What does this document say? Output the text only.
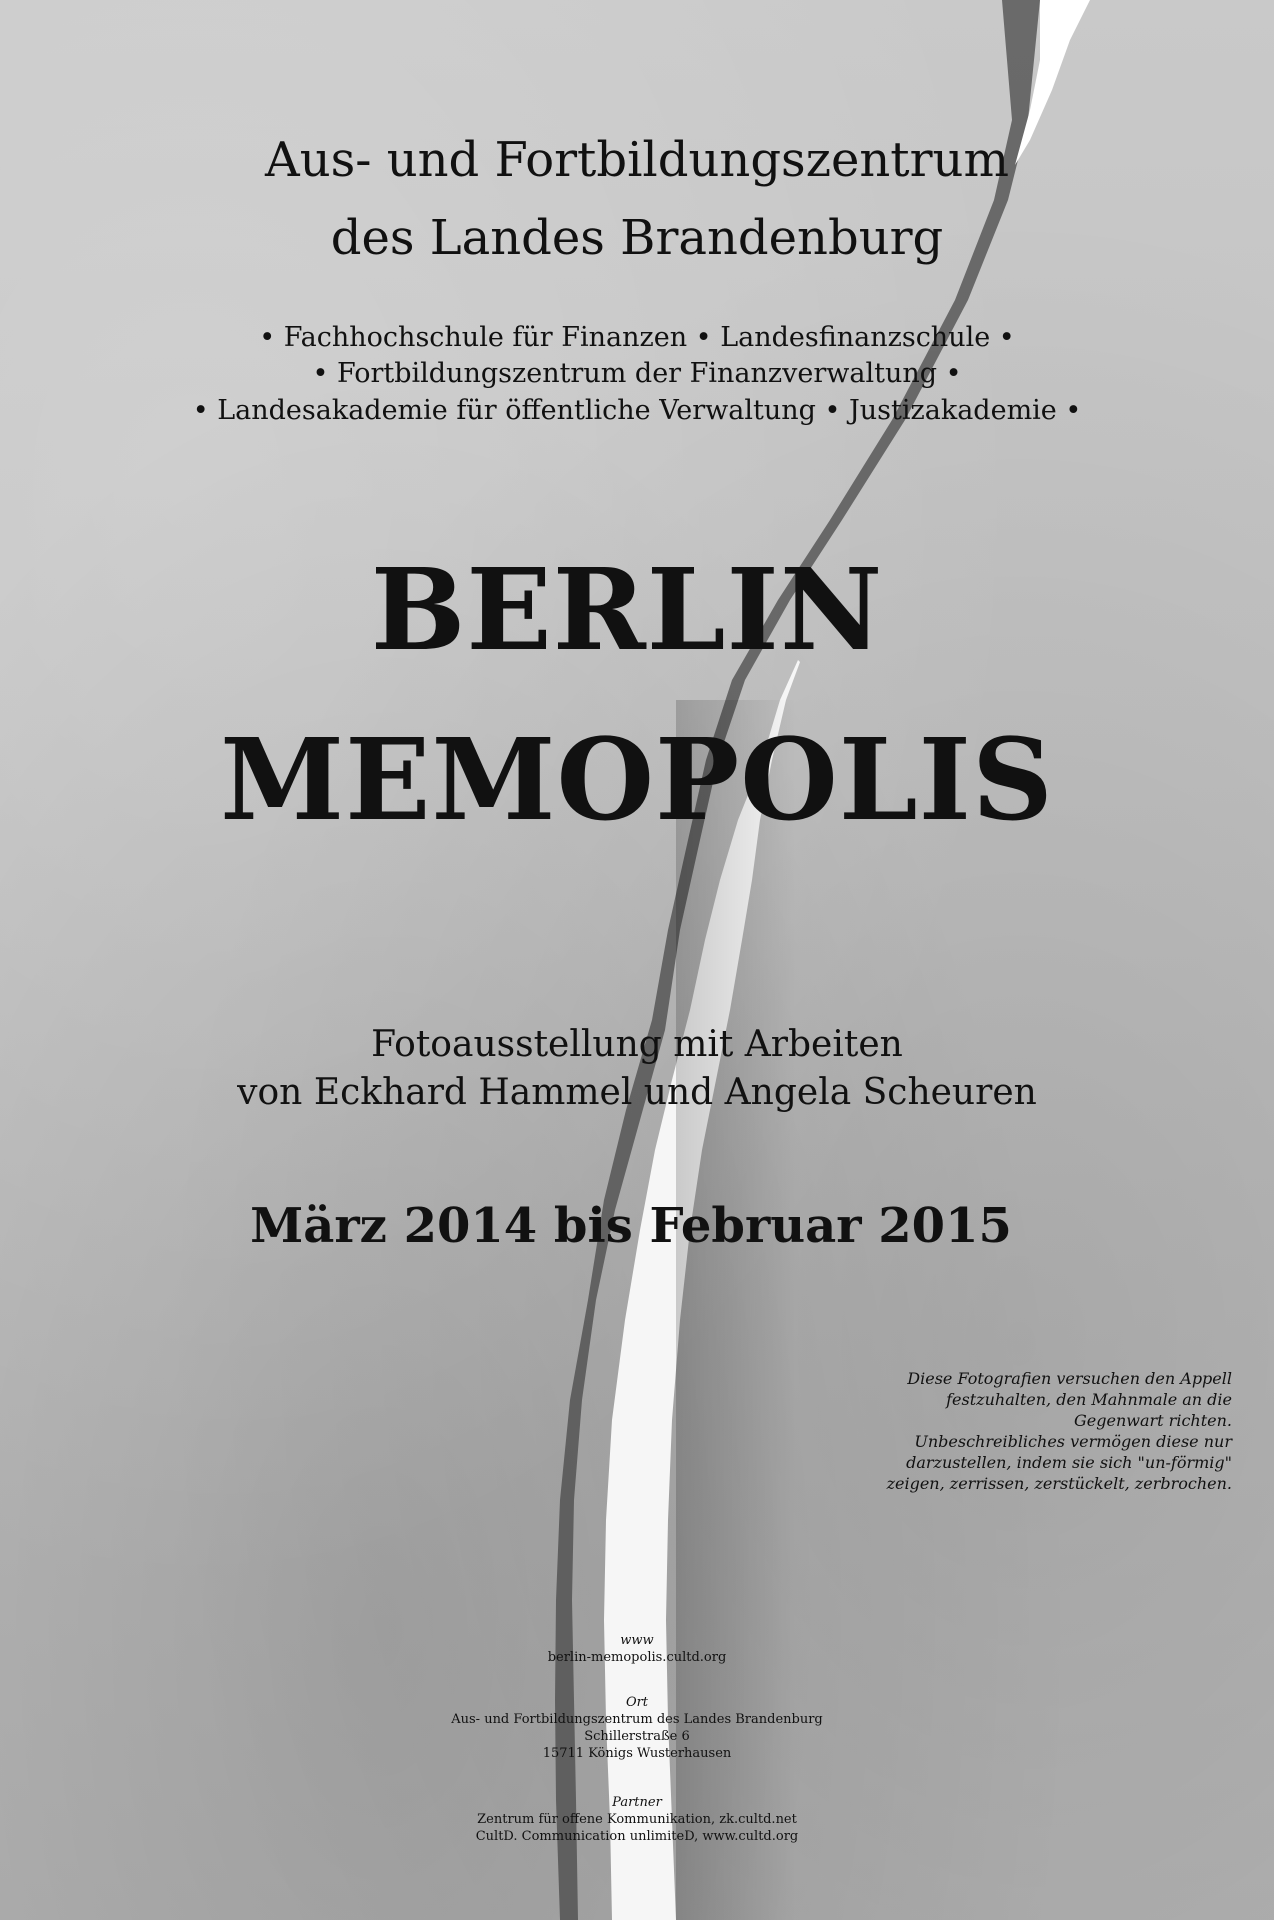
Aus- und Fortbildungszentrum
des Landes Brandenburg
• Fachhochschule für Finanzen • Landesfinanzschule •
• Fortbildungszentrum der Finanzverwaltung •
• Landesakademie für öffentliche Verwaltung • Justizakademie •
BERLIN
MEMOPOLIS
Fotoausstellung mit Arbeiten
von Eckhard Hammel und Angela Scheuren
März 2014 bis Februar 2015
Diese Fotografien versuchen den Appell
festzuhalten, den Mahnmale an die
Gegenwart richten.
Unbeschreibliches vermögen diese nur
darzustellen, indem sie sich "un-förmig"
zeigen, zerrissen, zerstückelt, zerbrochen.
www
berlin-memopolis.cultd.org
Ort
Aus- und Fortbildungszentrum des Landes Brandenburg
Schillerstraße 6
15711 Königs Wusterhausen
Partner
Zentrum für offene Kommunikation, zk.cultd.net
CultD. Communication unlimiteD, www.cultd.org
